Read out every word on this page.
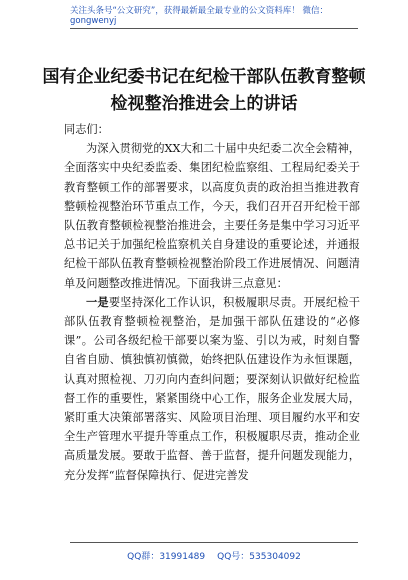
关注头条号“公文研究”，获得最新最全最专业的公文资料库！ 微信：gongwenyj
国有企业纪委书记在纪检干部队伍教育整顿检视整治推进会上的讲话

同志们：

为深入贯彻党的XX大和二十届中央纪委二次全会精神，全面落实中央纪委监委、集团纪检监察组、工程局纪委关于教育整顿工作的部署要求，以高度负责的政治担当推进教育整顿检视整治环节重点工作，今天，我们召开召开纪检干部队伍教育整顿检视整治推进会，主要任务是集中学习习近平总书记关于加强纪检监察机关自身建设的重要论述，并通报纪检干部队伍教育整顿检视整治阶段工作进展情况、问题清单及问题整改推进情况。下面我讲三点意见：

一是要坚持深化工作认识，积极履职尽责。开展纪检干部队伍教育整顿检视整治，是加强干部队伍建设的“必修课”。公司各级纪检干部要以案为鉴、引以为戒，时刻自警自省自励、慎独慎初慎微，始终把队伍建设作为永恒课题，认真对照检视、刀刃向内查纠问题；要深刻认识做好纪检监督工作的重要性，紧紧围绕中心工作，服务企业发展大局，紧盯重大决策部署落实、风险项目治理、项目履约水平和安全生产管理水平提升等重点工作，积极履职尽责，推动企业高质量发展。要敢于监督、善于监督，提升问题发现能力，充分发挥“监督保障执行、促进完善发

QQ群：31991489 QQ号：535304092
